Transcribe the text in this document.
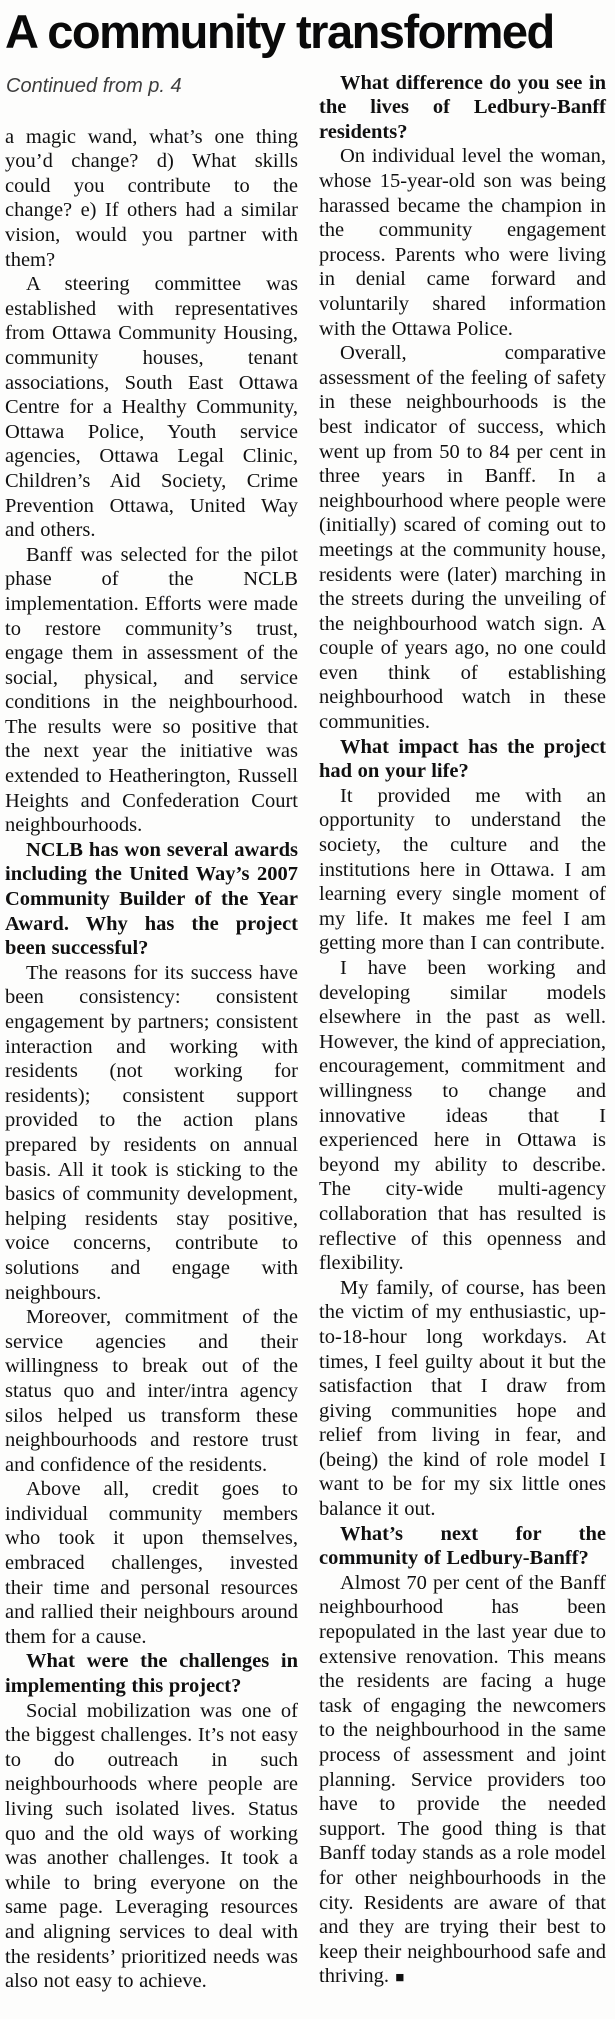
A community transformed
Continued from p. 4

a magic wand, what’s one thing you’d change? d) What skills could you contribute to the change? e) If others had a similar vision, would you partner with them?

A steering committee was established with representatives from Ottawa Community Housing, community houses, tenant associations, South East Ottawa Centre for a Healthy Community, Ottawa Police, Youth service agencies, Ottawa Legal Clinic, Children’s Aid Society, Crime Prevention Ottawa, United Way and others.

Banff was selected for the pilot phase of the NCLB implementation. Efforts were made to restore community’s trust, engage them in assessment of the social, physical, and service conditions in the neighbourhood. The results were so positive that the next year the initiative was extended to Heatherington, Russell Heights and Confederation Court neighbourhoods.

NCLB has won several awards including the United Way’s 2007 Community Builder of the Year Award. Why has the project been successful?

The reasons for its success have been consistency: consistent engagement by partners; consistent interaction and working with residents (not working for residents); consistent support provided to the action plans prepared by residents on annual basis. All it took is sticking to the basics of community development, helping residents stay positive, voice concerns, contribute to solutions and engage with neighbours.

Moreover, commitment of the service agencies and their willingness to break out of the status quo and inter/intra agency silos helped us transform these neighbourhoods and restore trust and confidence of the residents.

Above all, credit goes to individual community members who took it upon themselves, embraced challenges, invested their time and personal resources and rallied their neighbours around them for a cause.

What were the challenges in implementing this project?

Social mobilization was one of the biggest challenges. It’s not easy to do outreach in such neighbourhoods where people are living such isolated lives. Status quo and the old ways of working was another challenges. It took a while to bring everyone on the same page. Leveraging resources and aligning services to deal with the residents’ prioritized needs was also not easy to achieve.

What difference do you see in the lives of Ledbury-Banff residents?

On individual level the woman, whose 15-year-old son was being harassed became the champion in the community engagement process. Parents who were living in denial came forward and voluntarily shared information with the Ottawa Police.

Overall, comparative assessment of the feeling of safety in these neighbourhoods is the best indicator of success, which went up from 50 to 84 per cent in three years in Banff. In a neighbourhood where people were (initially) scared of coming out to meetings at the community house, residents were (later) marching in the streets during the unveiling of the neighbourhood watch sign. A couple of years ago, no one could even think of establishing neighbourhood watch in these communities.

What impact has the project had on your life?

It provided me with an opportunity to understand the society, the culture and the institutions here in Ottawa. I am learning every single moment of my life. It makes me feel I am getting more than I can contribute.

I have been working and developing similar models elsewhere in the past as well. However, the kind of appreciation, encouragement, commitment and willingness to change and innovative ideas that I experienced here in Ottawa is beyond my ability to describe. The city-wide multi-agency collaboration that has resulted is reflective of this openness and flexibility.

My family, of course, has been the victim of my enthusiastic, up-to-18-hour long workdays. At times, I feel guilty about it but the satisfaction that I draw from giving communities hope and relief from living in fear, and (being) the kind of role model I want to be for my six little ones balance it out.

What’s next for the community of Ledbury-Banff?

Almost 70 per cent of the Banff neighbourhood has been repopulated in the last year due to extensive renovation. This means the residents are facing a huge task of engaging the newcomers to the neighbourhood in the same process of assessment and joint planning. Service providers too have to provide the needed support. The good thing is that Banff today stands as a role model for other neighbourhoods in the city. Residents are aware of that and they are trying their best to keep their neighbourhood safe and thriving. ■
